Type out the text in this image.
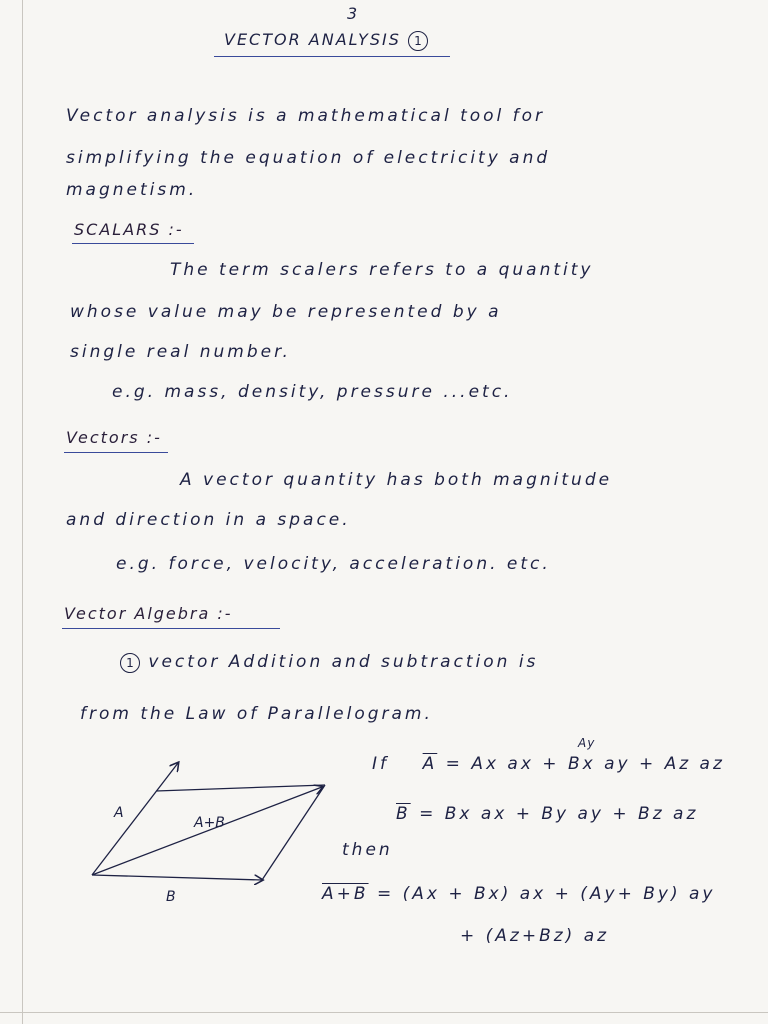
3
VECTOR ANALYSIS 1
Vector analysis is a mathematical tool for
simplifying the equation of electricity and
magnetism.
SCALARS :-
The term scalers refers to a quantity
whose value may be represented by a
single real number.
e.g. mass, density, pressure ...etc.
Vectors :-
A vector quantity has both magnitude
and direction in a space.
e.g. force, velocity, acceleration. etc.
Vector Algebra :-
1 vector Addition and subtraction is
from the Law of Parallelogram.
Ay
If $\overline{A} = Ax$ ax + Bx ay + Az az
$\overline{B} = Bx$ ax + By ay + Bz az
then
A+B = (Ax + Bx) ax + (Ay+ By) ay
+ (Az+Bz) az
A
A+B
B
